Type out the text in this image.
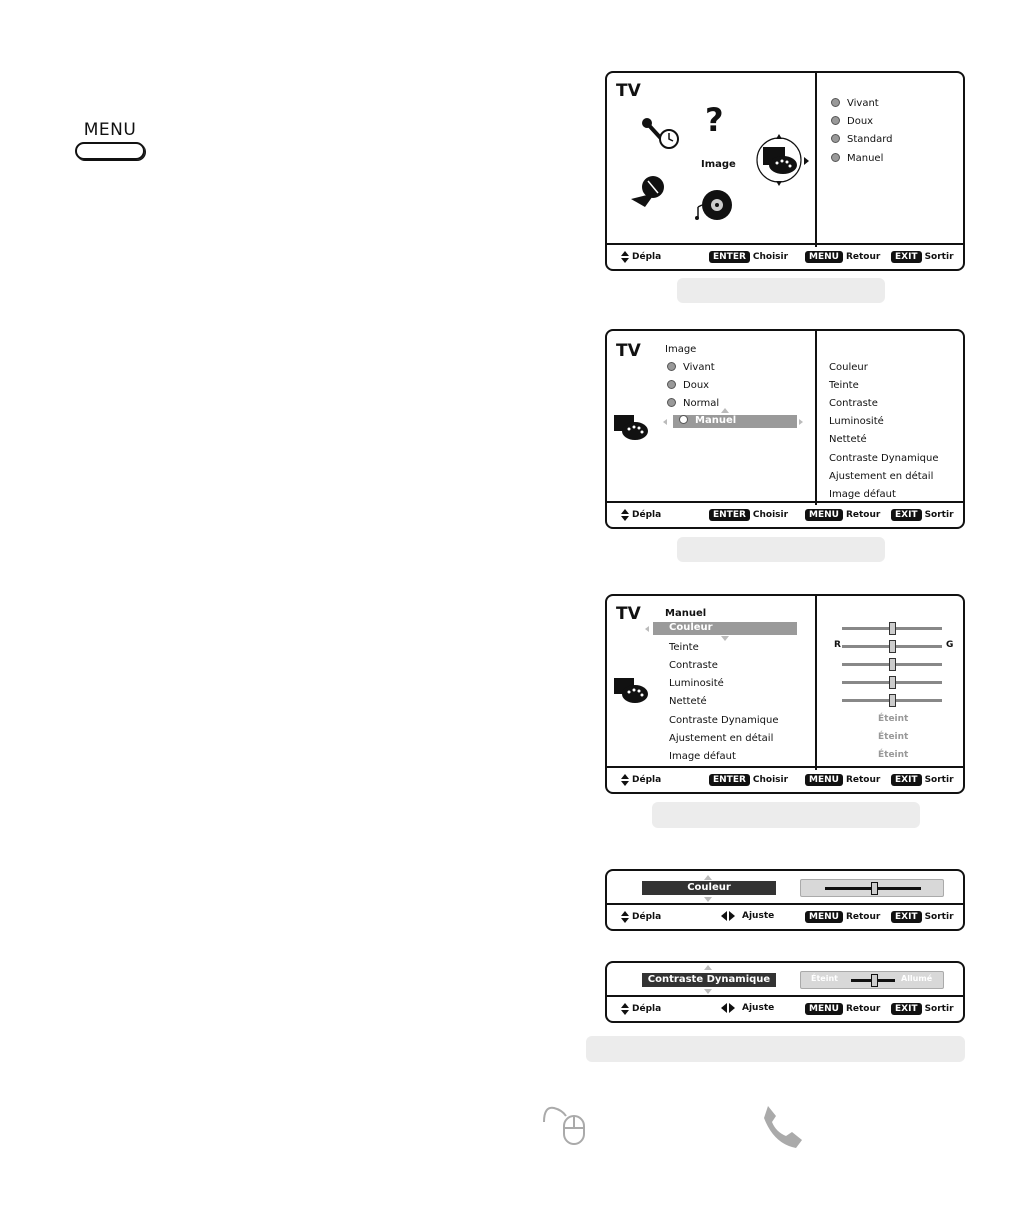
MENU
TV
?
Image
Vivant
Doux
Standard
Manuel
Dépla	ENTER Choisir	MENU Retour	EXIT Sortir
TV Image
Vivant
Doux
Normal
Manuel
Couleur
Teinte
Contraste
Luminosité
Netteté
Contraste Dynamique
Ajustement en détail
Image défaut
Dépla	ENTER Choisir	MENU Retour	EXIT Sortir
TV Manuel
Couleur
Teinte
Contraste
Luminosité
Netteté
Contraste Dynamique
Ajustement en détail
Image défaut
R	G
Éteint
Éteint
Éteint
Dépla	ENTER Choisir	MENU Retour	EXIT Sortir
Couleur
Dépla	Ajuste	MENU Retour	EXIT Sortir
Contraste Dynamique	Éteint	Allumé
Dépla	Ajuste	MENU Retour	EXIT Sortir
